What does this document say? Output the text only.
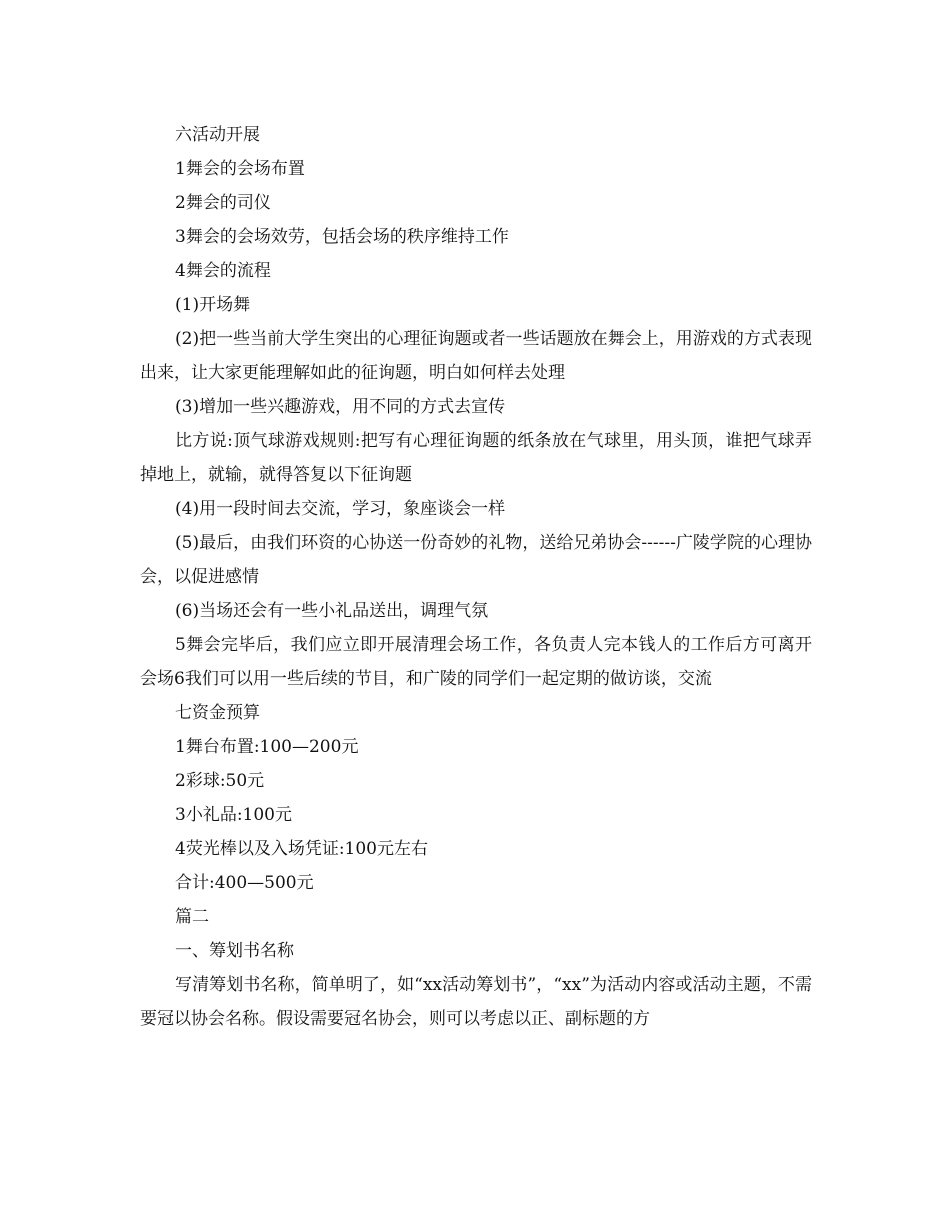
六活动开展

1舞会的会场布置

2舞会的司仪

3舞会的会场效劳，包括会场的秩序维持工作

4舞会的流程

(1)开场舞

(2)把一些当前大学生突出的心理征询题或者一些话题放在舞会上，用游戏的方式表现出来，让大家更能理解如此的征询题，明白如何样去处理

(3)增加一些兴趣游戏，用不同的方式去宣传

比方说:顶气球游戏规则:把写有心理征询题的纸条放在气球里，用头顶，谁把气球弄掉地上，就输，就得答复以下征询题

(4)用一段时间去交流，学习，象座谈会一样

(5)最后，由我们环资的心协送一份奇妙的礼物，送给兄弟协会------广陵学院的心理协会，以促进感情

(6)当场还会有一些小礼品送出，调理气氛

5舞会完毕后，我们应立即开展清理会场工作，各负责人完本钱人的工作后方可离开会场6我们可以用一些后续的节目，和广陵的同学们一起定期的做访谈，交流

七资金预算

1舞台布置:100—200元

2彩球:50元

3小礼品:100元

4荧光棒以及入场凭证:100元左右

合计:400—500元

篇二

一、筹划书名称

写清筹划书名称，简单明了，如“xx活动筹划书”，“xx”为活动内容或活动主题，不需要冠以协会名称。假设需要冠名协会，则可以考虑以正、副标题的方
